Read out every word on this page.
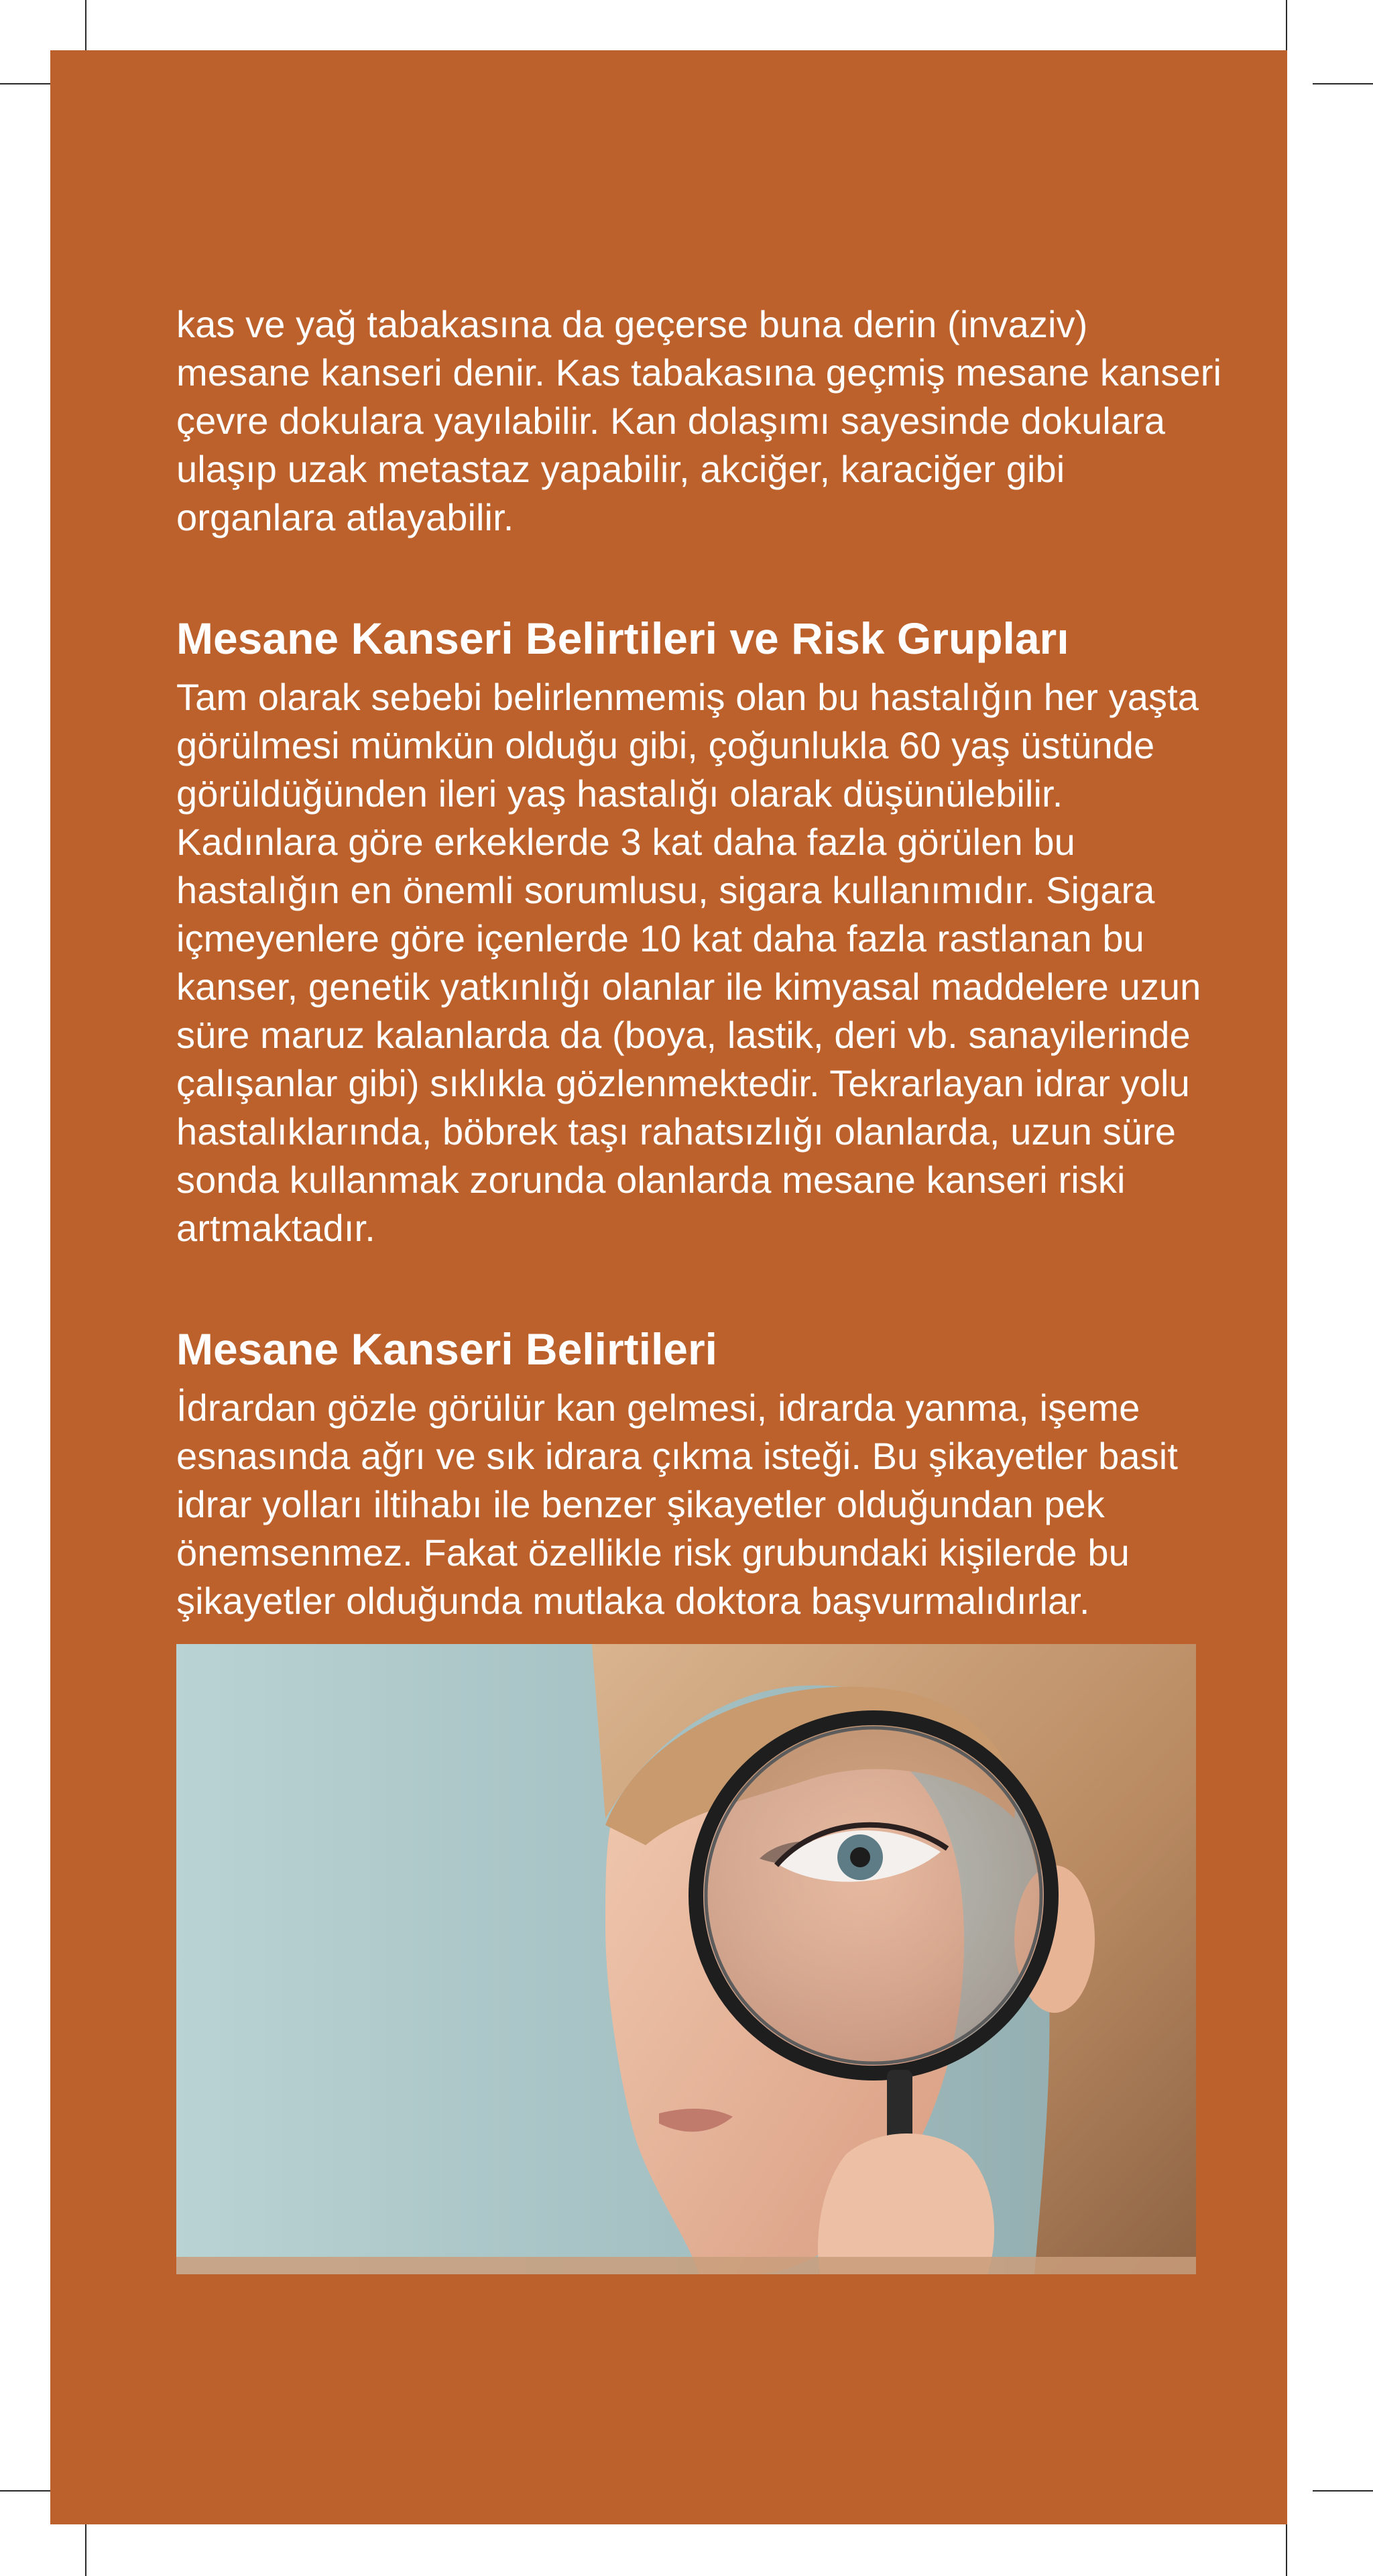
kas ve yağ tabakasına da geçerse buna derin (invaziv) mesane kanseri denir. Kas tabakasına geçmiş mesane kanseri çevre dokulara yayılabilir. Kan dolaşımı sayesinde dokulara ulaşıp uzak metastaz yapabilir, akciğer, karaciğer gibi organlara atlayabilir.

Mesane Kanseri Belirtileri ve Risk Grupları

Tam olarak sebebi belirlenmemiş olan bu hastalığın her yaşta görülmesi mümkün olduğu gibi, çoğunlukla 60 yaş üstünde görüldüğünden ileri yaş hastalığı olarak düşünülebilir. Kadınlara göre erkeklerde 3 kat daha fazla görülen bu hastalığın en önemli sorumlusu, sigara kullanımıdır. Sigara içmeyenlere göre içenlerde 10 kat daha fazla rastlanan bu kanser, genetik yatkınlığı olanlar ile kimyasal maddelere uzun süre maruz kalanlarda da (boya, lastik, deri vb. sanayilerinde çalışanlar gibi) sıklıkla gözlenmektedir. Tekrarlayan idrar yolu hastalıklarında, böbrek taşı rahatsızlığı olanlarda, uzun süre sonda kullanmak zorunda olanlarda mesane kanseri riski artmaktadır.

Mesane Kanseri Belirtileri

İdrardan gözle görülür kan gelmesi, idrarda yanma, işeme esnasında ağrı ve sık idrara çıkma isteği. Bu şikayetler basit idrar yolları iltihabı ile benzer şikayetler olduğundan pek önemsenmez. Fakat özellikle risk grubundaki kişilerde bu şikayetler olduğunda mutlaka doktora başvurmalıdırlar.
